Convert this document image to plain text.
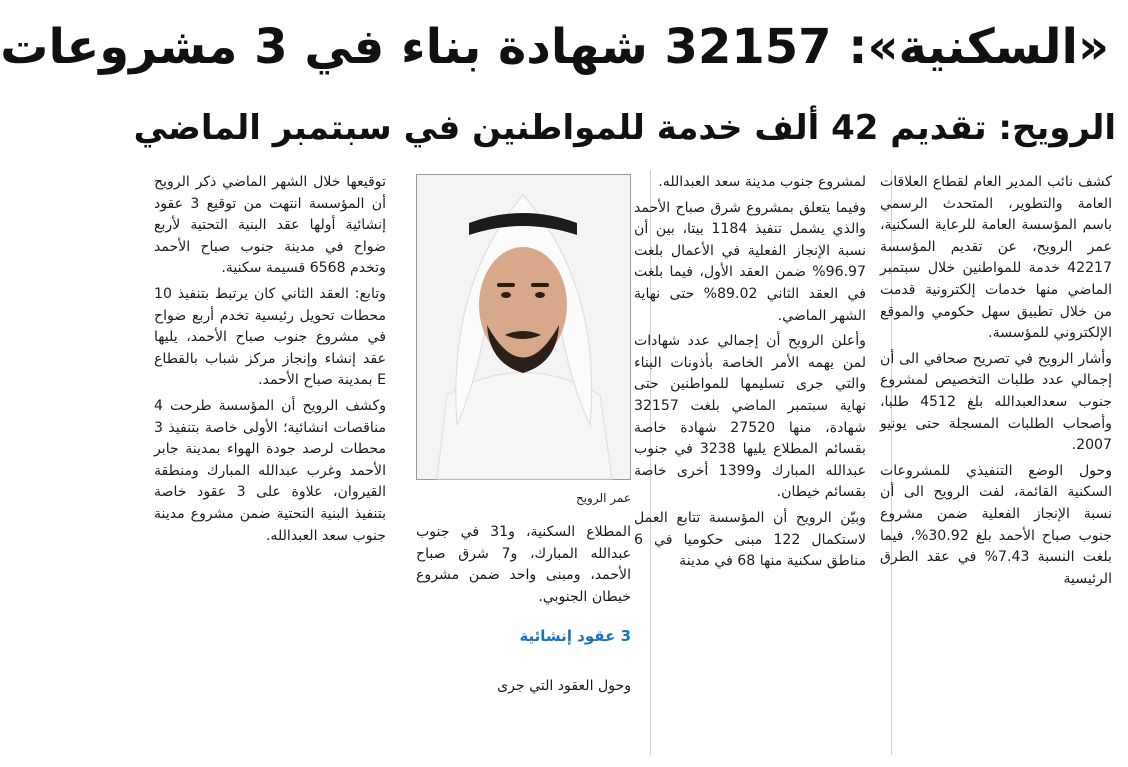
«السكنية»: 32157 شهادة بناء في 3 مشروعات
الرويح: تقديم 42 ألف خدمة للمواطنين في سبتمبر الماضي

كشف نائب المدير العام لقطاع العلاقات العامة والتطوير، المتحدث الرسمي باسم المؤسسة العامة للرعاية السكنية، عمر الرويح، عن تقديم المؤسسة 42217 خدمة للمواطنين خلال سبتمبر الماضي منها خدمات إلكترونية قدمت من خلال تطبيق سهل حكومي والموقع الإلكتروني للمؤسسة.

وأشار الرويح في تصريح صحافي الى أن إجمالي عدد طلبات التخصيص لمشروع جنوب سعدالعبدالله بلغ 4512 طلبا، وأصحاب الطلبات المسجلة حتى يونيو 2007.

وحول الوضع التنفيذي للمشروعات السكنية القائمة، لفت الرويح الى أن نسبة الإنجاز الفعلية ضمن مشروع جنوب صباح الأحمد بلغ 30.92%، فيما بلغت النسبة 7.43% في عقد الطرق الرئيسية

لمشروع جنوب مدينة سعد العبدالله.

وفيما يتعلق بمشروع شرق صباح الأحمد والذي يشمل تنفيذ 1184 بيتا، بين أن نسبة الإنجاز الفعلية في الأعمال بلغت 96.97% ضمن العقد الأول، فيما بلغت في العقد الثاني 89.02% حتى نهاية الشهر الماضي.

وأعلن الرويح أن إجمالي عدد شهادات لمن يهمه الأمر الخاصة بأذونات البناء والتي جرى تسليمها للمواطنين حتى نهاية سبتمبر الماضي بلغت 32157 شهادة، منها 27520 شهادة خاصة بقسائم المطلاع يليها 3238 في جنوب عبدالله المبارك و1399 أخرى خاصة بقسائم خيطان.

وبيّن الرويح أن المؤسسة تتابع العمل لاستكمال 122 مبنى حكوميا في 6 مناطق سكنية منها 68 في مدينة

عمر الرويح

المطلاع السكنية، و31 في جنوب عبدالله المبارك، و7 شرق صباح الأحمد، ومبنى واحد ضمن مشروع خيطان الجنوبي.

3 عقود إنشائية

وحول العقود التي جرى

توقيعها خلال الشهر الماضي ذكر الرويح أن المؤسسة انتهت من توقيع 3 عقود إنشائية أولها عقد البنية التحتية لأربع ضواح في مدينة جنوب صباح الأحمد وتخدم 6568 قسيمة سكنية.

وتابع: العقد الثاني كان يرتبط بتنفيذ 10 محطات تحويل رئيسية تخدم أربع ضواح في مشروع جنوب صباح الأحمد، يليها عقد إنشاء وإنجاز مركز شباب بالقطاع E بمدينة صباح الأحمد.

وكشف الرويح أن المؤسسة طرحت 4 مناقصات انشائية؛ الأولى خاصة بتنفيذ 3 محطات لرصد جودة الهواء بمدينة جابر الأحمد وغرب عبدالله المبارك ومنطقة القيروان، علاوة على 3 عقود خاصة بتنفيذ البنية التحتية ضمن مشروع مدينة جنوب سعد العبدالله.
